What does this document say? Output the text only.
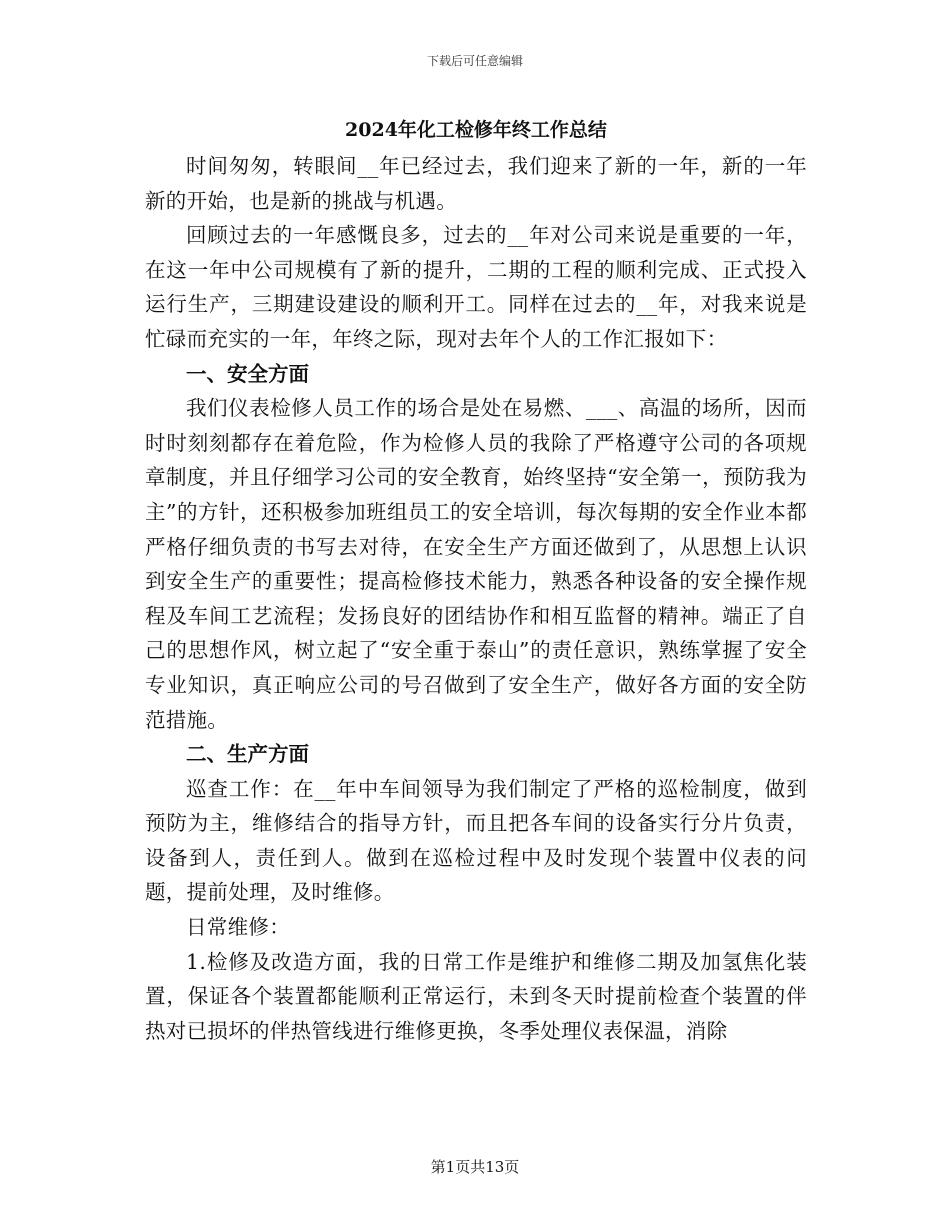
下载后可任意编辑
2024年化工检修年终工作总结

时间匆匆，转眼间__年已经过去，我们迎来了新的一年，新的一年新的开始，也是新的挑战与机遇。

回顾过去的一年感慨良多，过去的__年对公司来说是重要的一年，在这一年中公司规模有了新的提升，二期的工程的顺利完成、正式投入运行生产，三期建设建设的顺利开工。同样在过去的__年，对我来说是忙碌而充实的一年，年终之际，现对去年个人的工作汇报如下：

一、安全方面

我们仪表检修人员工作的场合是处在易燃、___、高温的场所，因而时时刻刻都存在着危险，作为检修人员的我除了严格遵守公司的各项规章制度，并且仔细学习公司的安全教育，始终坚持“安全第一，预防我为主”的方针，还积极参加班组员工的安全培训，每次每期的安全作业本都严格仔细负责的书写去对待，在安全生产方面还做到了，从思想上认识到安全生产的重要性；提高检修技术能力，熟悉各种设备的安全操作规程及车间工艺流程；发扬良好的团结协作和相互监督的精神。端正了自己的思想作风，树立起了“安全重于泰山”的责任意识，熟练掌握了安全专业知识，真正响应公司的号召做到了安全生产，做好各方面的安全防范措施。

二、生产方面

巡查工作：在__年中车间领导为我们制定了严格的巡检制度，做到预防为主，维修结合的指导方针，而且把各车间的设备实行分片负责，设备到人，责任到人。做到在巡检过程中及时发现个装置中仪表的问题，提前处理，及时维修。

日常维修：

1.检修及改造方面，我的日常工作是维护和维修二期及加氢焦化装置，保证各个装置都能顺利正常运行，未到冬天时提前检查个装置的伴热对已损坏的伴热管线进行维修更换，冬季处理仪表保温，消除

第1页共13页
